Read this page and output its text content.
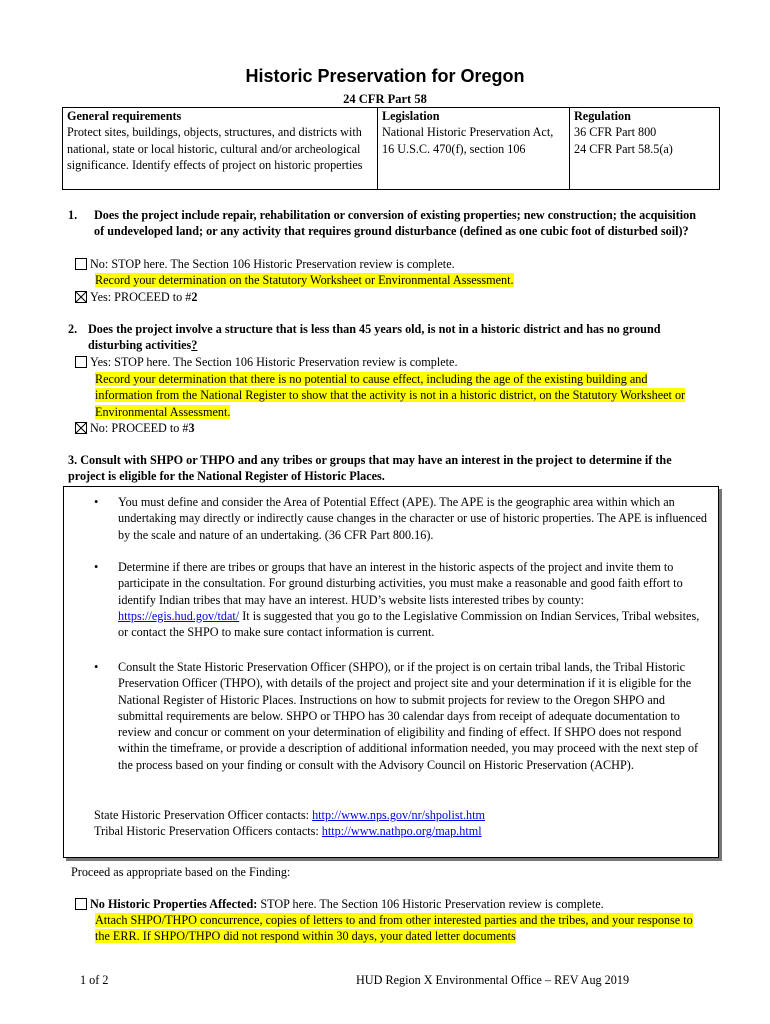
Historic Preservation for Oregon
24 CFR Part 58
General requirements	Legislation	Regulation
Protect sites, buildings, objects, structures, and districts with national, state or local historic, cultural and/or archeological significance. Identify effects of project on historic properties	National Historic Preservation Act, 16 U.S.C. 470(f), section 106	36 CFR Part 800
24 CFR Part 58.5(a)
1. Does the project include repair, rehabilitation or conversion of existing properties; new construction; the acquisition of undeveloped land; or any activity that requires ground disturbance (defined as one cubic foot of disturbed soil)?
No: STOP here. The Section 106 Historic Preservation review is complete.
Record your determination on the Statutory Worksheet or Environmental Assessment.
Yes: PROCEED to #2
2. Does the project involve a structure that is less than 45 years old, is not in a historic district and has no ground disturbing activities?
Yes: STOP here. The Section 106 Historic Preservation review is complete.
Record your determination that there is no potential to cause effect, including the age of the existing building and information from the National Register to show that the activity is not in a historic district, on the Statutory Worksheet or Environmental Assessment.
No: PROCEED to #3
3. Consult with SHPO or THPO and any tribes or groups that may have an interest in the project to determine if the project is eligible for the National Register of Historic Places.
• You must define and consider the Area of Potential Effect (APE). The APE is the geographic area within which an undertaking may directly or indirectly cause changes in the character or use of historic properties. The APE is influenced by the scale and nature of an undertaking. (36 CFR Part 800.16).
• Determine if there are tribes or groups that have an interest in the historic aspects of the project and invite them to participate in the consultation. For ground disturbing activities, you must make a reasonable and good faith effort to identify Indian tribes that may have an interest. HUD’s website lists interested tribes by county: https://egis.hud.gov/tdat/ It is suggested that you go to the Legislative Commission on Indian Services, Tribal websites, or contact the SHPO to make sure contact information is current.
• Consult the State Historic Preservation Officer (SHPO), or if the project is on certain tribal lands, the Tribal Historic Preservation Officer (THPO), with details of the project and project site and your determination if it is eligible for the National Register of Historic Places. Instructions on how to submit projects for review to the Oregon SHPO and submittal requirements are below. SHPO or THPO has 30 calendar days from receipt of adequate documentation to review and concur or comment on your determination of eligibility and finding of effect. If SHPO does not respond within the timeframe, or provide a description of additional information needed, you may proceed with the next step of the process based on your finding or consult with the Advisory Council on Historic Preservation (ACHP).
State Historic Preservation Officer contacts: http://www.nps.gov/nr/shpolist.htm
Tribal Historic Preservation Officers contacts: http://www.nathpo.org/map.html
Proceed as appropriate based on the Finding:
No Historic Properties Affected: STOP here. The Section 106 Historic Preservation review is complete.
Attach SHPO/THPO concurrence, copies of letters to and from other interested parties and the tribes, and your response to the ERR. If SHPO/THPO did not respond within 30 days, your dated letter documents
1 of 2	HUD Region X Environmental Office – REV Aug 2019
